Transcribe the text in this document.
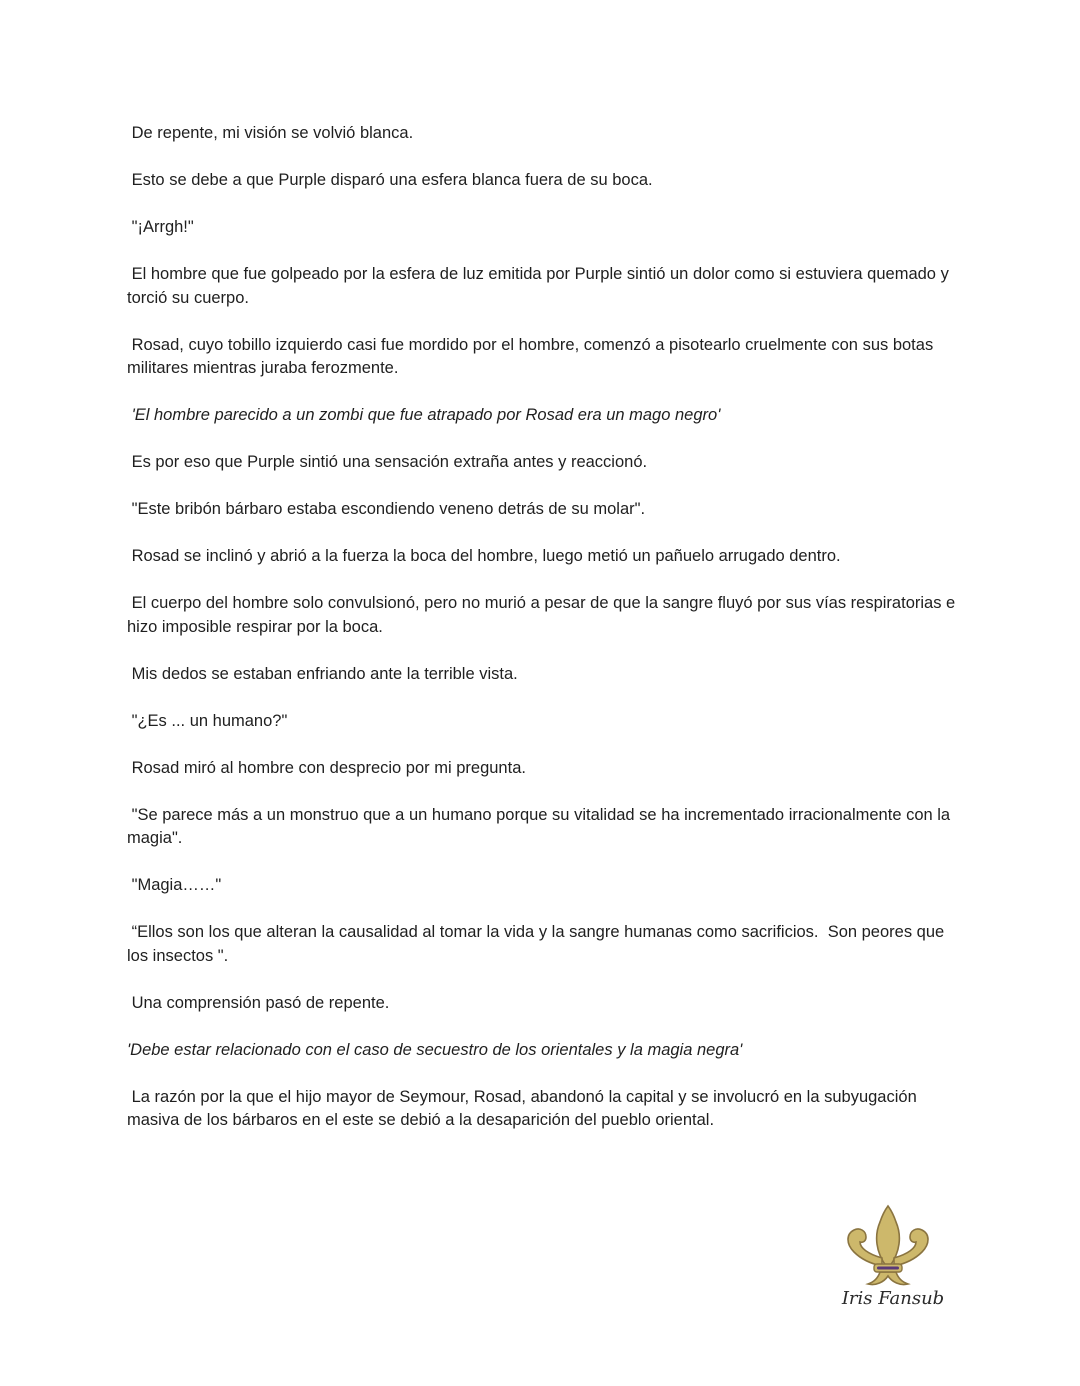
De repente, mi visión se volvió blanca.

Esto se debe a que Purple disparó una esfera blanca fuera de su boca.

"¡Arrgh!"

El hombre que fue golpeado por la esfera de luz emitida por Purple sintió un dolor como si estuviera quemado y torció su cuerpo.

Rosad, cuyo tobillo izquierdo casi fue mordido por el hombre, comenzó a pisotearlo cruelmente con sus botas militares mientras juraba ferozmente.

'El hombre parecido a un zombi que fue atrapado por Rosad era un mago negro'

Es por eso que Purple sintió una sensación extraña antes y reaccionó.

"Este bribón bárbaro estaba escondiendo veneno detrás de su molar".

Rosad se inclinó y abrió a la fuerza la boca del hombre, luego metió un pañuelo arrugado dentro.

El cuerpo del hombre solo convulsionó, pero no murió a pesar de que la sangre fluyó por sus vías respiratorias e hizo imposible respirar por la boca.

Mis dedos se estaban enfriando ante la terrible vista.

"¿Es ... un humano?"

Rosad miró al hombre con desprecio por mi pregunta.

"Se parece más a un monstruo que a un humano porque su vitalidad se ha incrementado irracionalmente con la magia".

"Magia……"

“Ellos son los que alteran la causalidad al tomar la vida y la sangre humanas como sacrificios.  Son peores que los insectos ".

Una comprensión pasó de repente.

'Debe estar relacionado con el caso de secuestro de los orientales y la magia negra'

La razón por la que el hijo mayor de Seymour, Rosad, abandonó la capital y se involucró en la subyugación masiva de los bárbaros en el este se debió a la desaparición del pueblo oriental.

Iris Fansub
